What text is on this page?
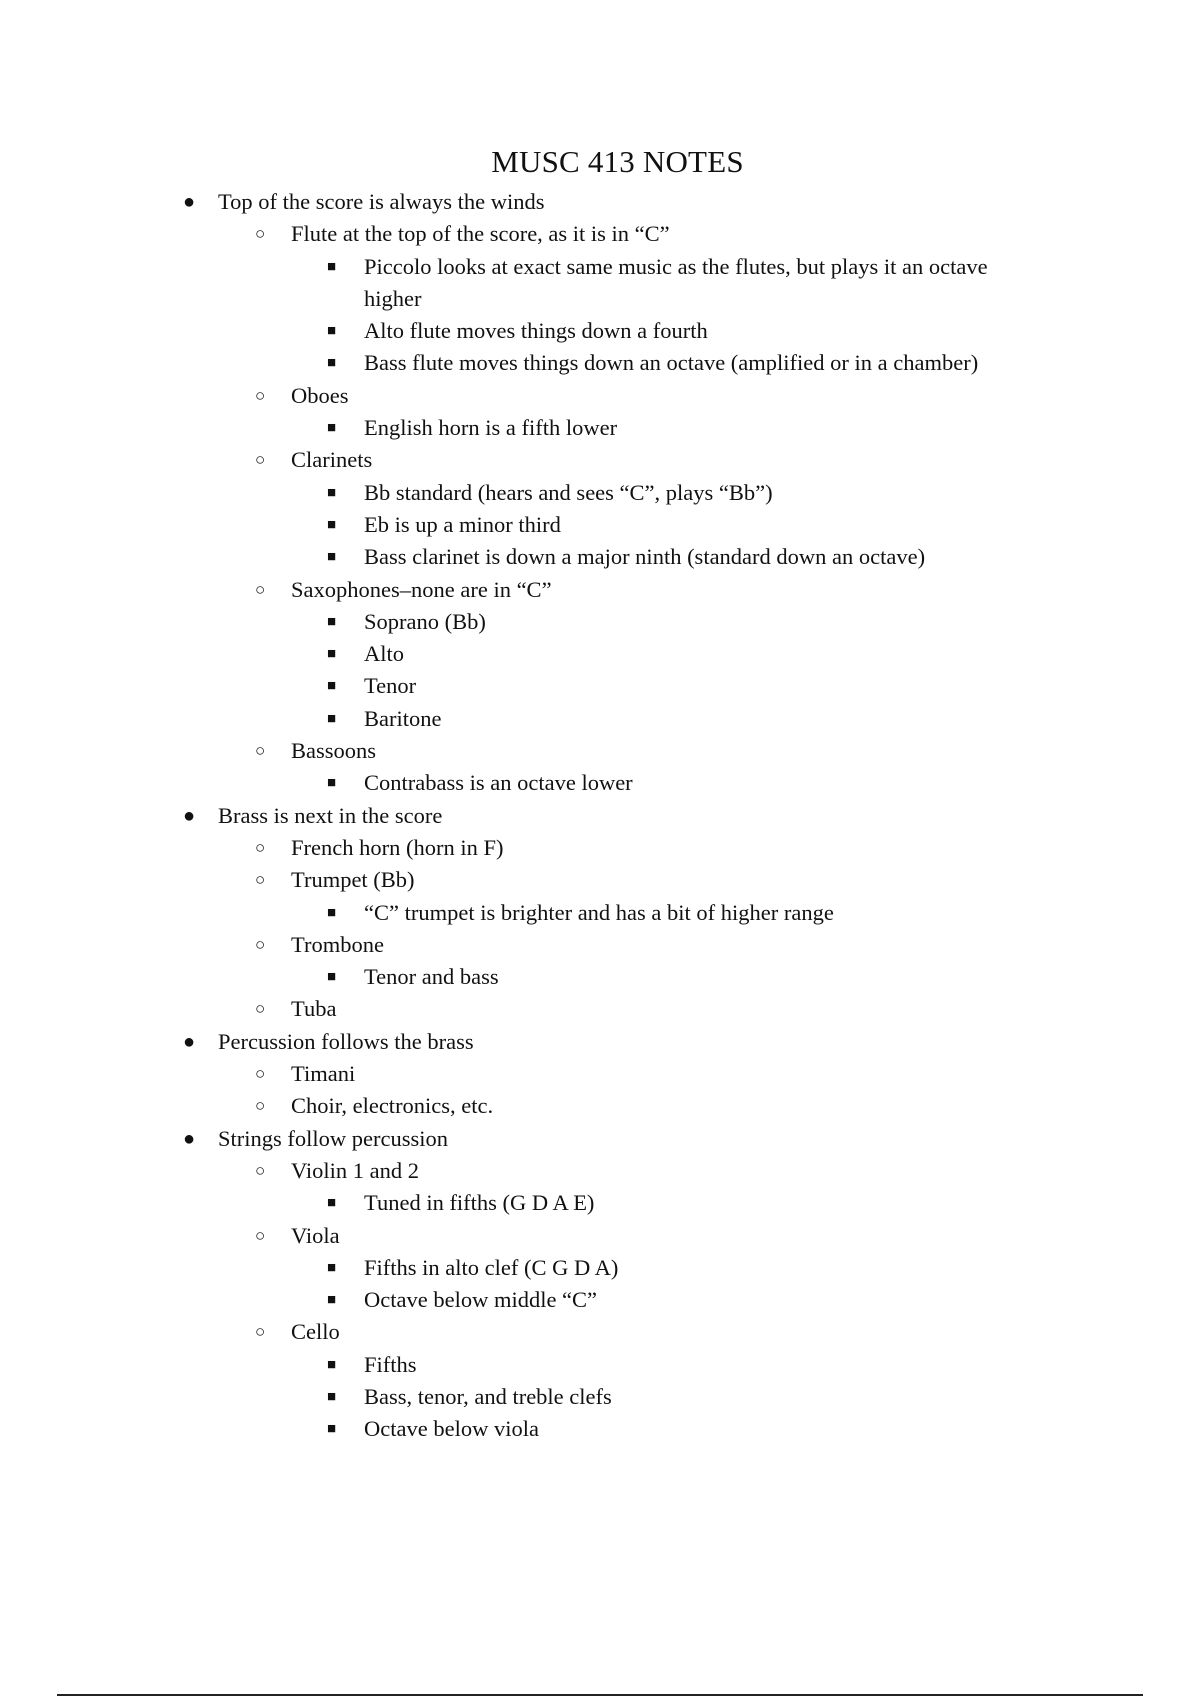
MUSC 413 NOTES
● Top of the score is always the winds
○ Flute at the top of the score, as it is in “C”
■ Piccolo looks at exact same music as the flutes, but plays it an octave higher
■ Alto flute moves things down a fourth
■ Bass flute moves things down an octave (amplified or in a chamber)
○ Oboes
■ English horn is a fifth lower
○ Clarinets
■ Bb standard (hears and sees “C”, plays “Bb”)
■ Eb is up a minor third
■ Bass clarinet is down a major ninth (standard down an octave)
○ Saxophones–none are in “C”
■ Soprano (Bb)
■ Alto
■ Tenor
■ Baritone
○ Bassoons
■ Contrabass is an octave lower
● Brass is next in the score
○ French horn (horn in F)
○ Trumpet (Bb)
■ “C” trumpet is brighter and has a bit of higher range
○ Trombone
■ Tenor and bass
○ Tuba
● Percussion follows the brass
○ Timani
○ Choir, electronics, etc.
● Strings follow percussion
○ Violin 1 and 2
■ Tuned in fifths (G D A E)
○ Viola
■ Fifths in alto clef (C G D A)
■ Octave below middle “C”
○ Cello
■ Fifths
■ Bass, tenor, and treble clefs
■ Octave below viola
